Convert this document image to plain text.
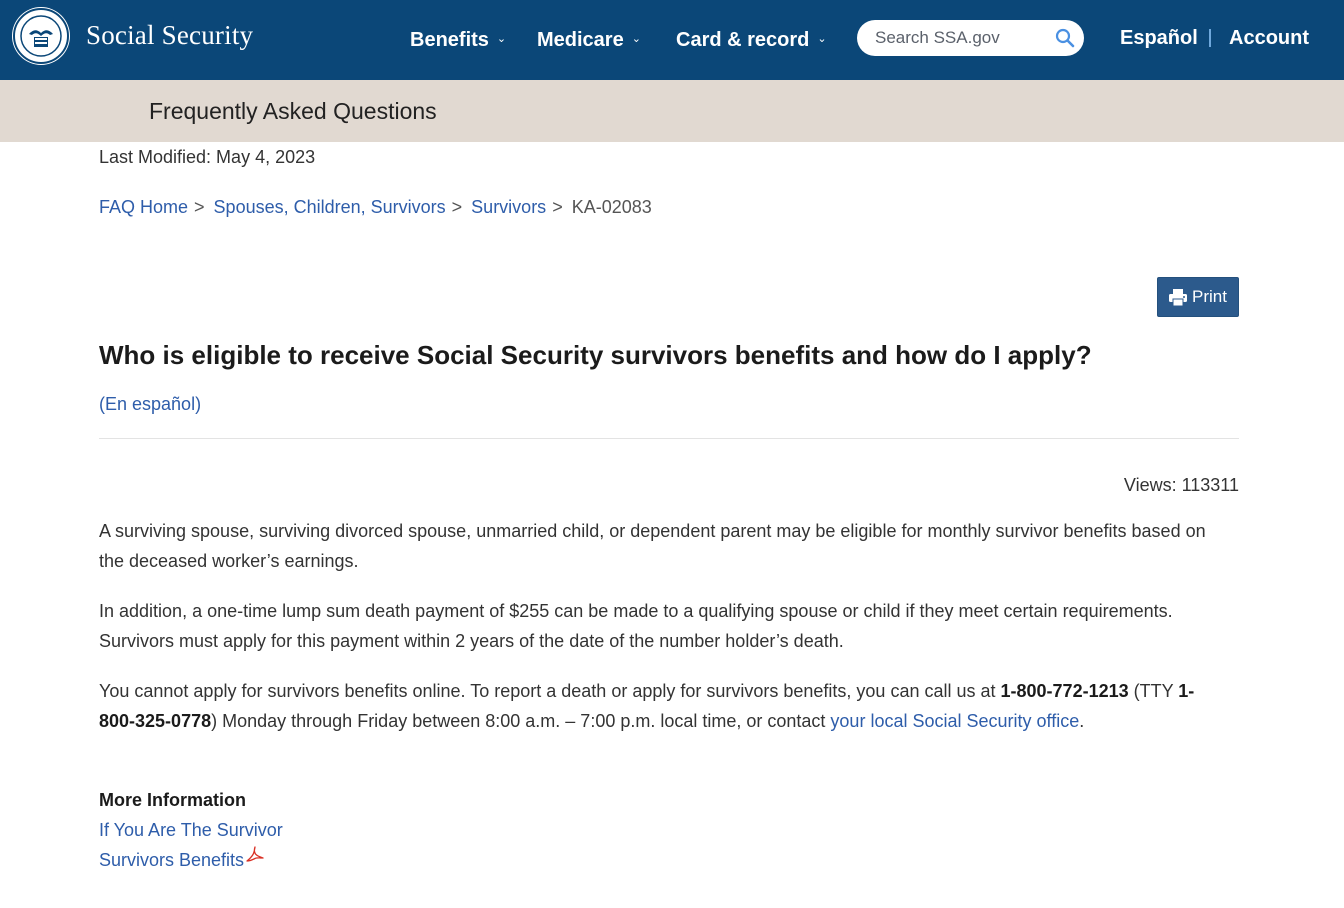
Social Security	Benefits ⌄ Medicare ⌄ Card & record ⌄
Search SSA.gov	Español Account
Frequently Asked Questions
Last Modified: May 4, 2023
FAQ Home > Spouses, Children, Survivors > Survivors > KA-02083
Print
Who is eligible to receive Social Security survivors benefits and how do I apply?
(En español)
Views: 113311

A surviving spouse, surviving divorced spouse, unmarried child, or dependent parent may be eligible for monthly survivor benefits based on the deceased worker’s earnings.

In addition, a one-time lump sum death payment of $255 can be made to a qualifying spouse or child if they meet certain requirements. Survivors must apply for this payment within 2 years of the date of the number holder’s death.

You cannot apply for survivors benefits online. To report a death or apply for survivors benefits, you can call us at 1-800-772-1213 (TTY 1-800-325-0778) Monday through Friday between 8:00 a.m. – 7:00 p.m. local time, or contact your local Social Security office.

More Information
If You Are The Survivor
Survivors Benefits
